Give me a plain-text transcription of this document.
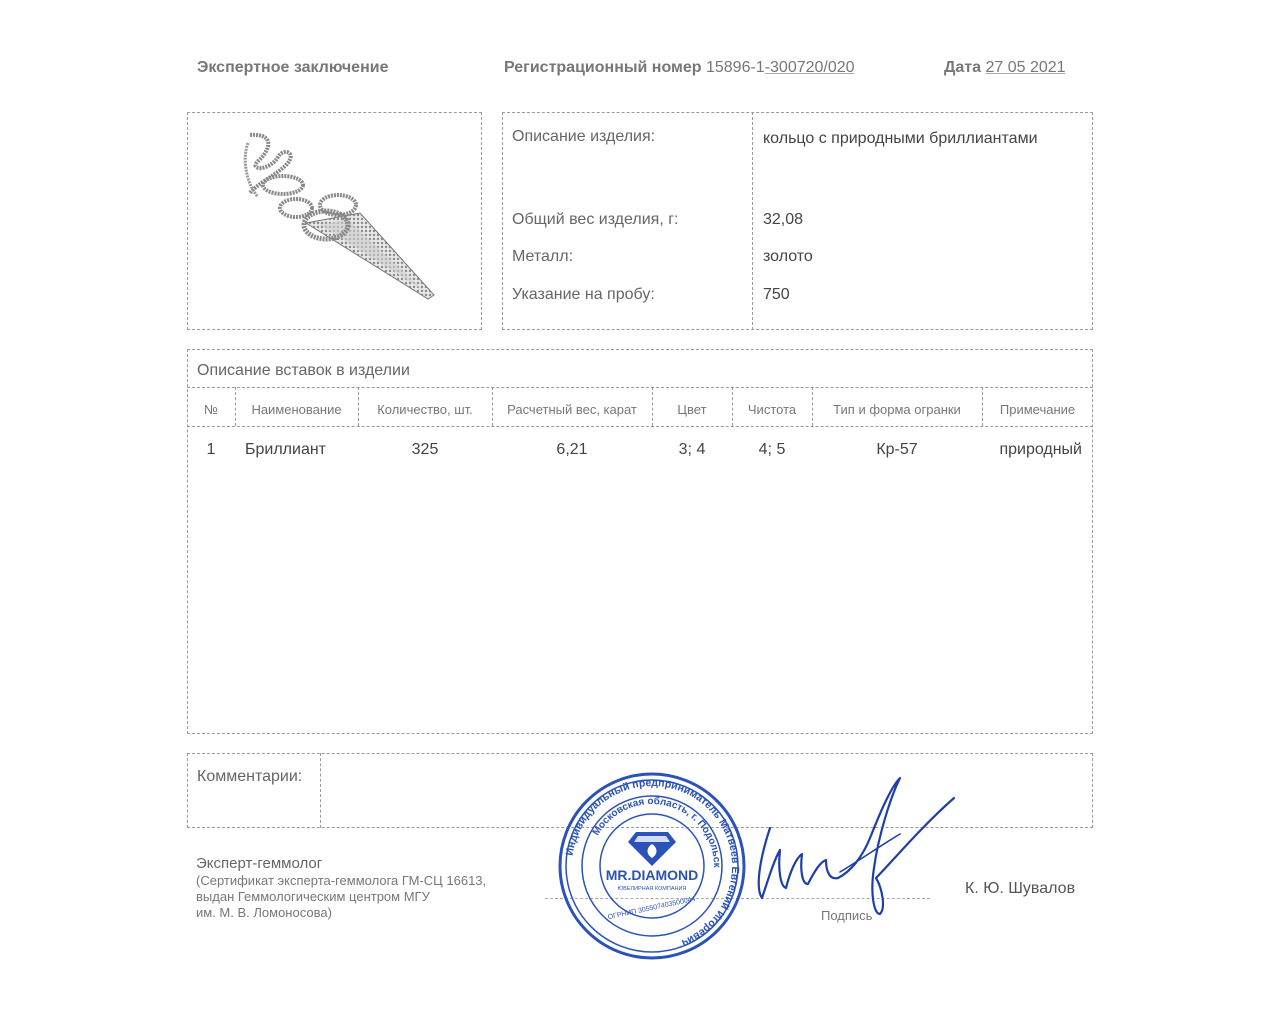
Экспертное заключение	Регистрационный номер 15896-1-300720/020	Дата 27 05 2021
Описание изделия:	кольцо с природными бриллиантами
Общий вес изделия, г:	32,08
Металл:	золото
Указание на пробу:	750
Описание вставок в изделии
№	Наименование	Количество, шт.	Расчетный вес, карат	Цвет	Чистота	Тип и форма огранки	Примечание
1	Бриллиант	325	6,21	3; 4	4; 5	Кр-57	природный
Комментарии:
Эксперт-геммолог
(Сертификат эксперта-геммолога ГМ-СЦ 16613,
выдан Геммологическим центром МГУ
им. М. В. Ломоносова)	Подпись
К. Ю. Шувалов
Индивидуальный предприниматель Матвеев Евгений Игоревич
Московская область, г. Подольск
MR.DIAMOND
ЮВЕЛИРНАЯ КОМПАНИЯ
ОГРНИП 305507403500044
